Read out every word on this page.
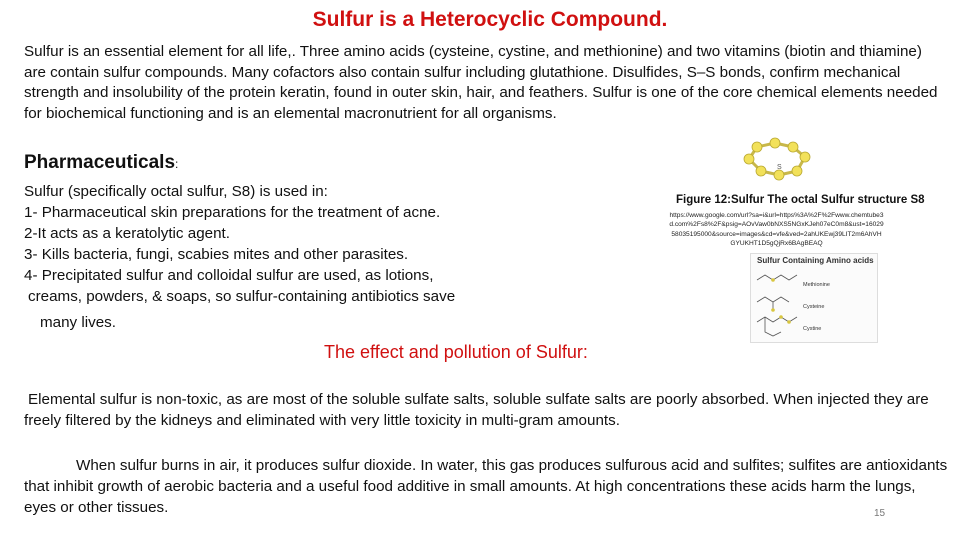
Sulfur is a Heterocyclic Compound.
Sulfur is an essential element for all life,. Three amino acids (cysteine, cystine, and methionine) and two vitamins (biotin and thiamine) are contain sulfur compounds. Many cofactors also contain sulfur including glutathione. Disulfides, S–S bonds, confirm mechanical strength and insolubility of the protein keratin, found in outer skin, hair, and feathers. Sulfur is one of the core chemical elements needed for biochemical functioning and is an elemental macronutrient for all organisms.
Pharmaceuticals:
Sulfur (specifically octal sulfur, S8) is used in:
1- Pharmaceutical skin preparations for the treatment of acne.
2-It acts as a keratolytic agent.
3- Kills bacteria, fungi, scabies mites and other parasites.
4- Precipitated sulfur and colloidal sulfur are used, as lotions,
creams, powders, & soaps, so sulfur-containing antibiotics save
many lives.
S
Figure 12:Sulfur The octal Sulfur structure S8
https://www.google.com/url?sa=i&url=https%3A%2F%2Fwww.chemtube3d.com%2Fs8%2F&psig=AOvVaw0bNXS5NGxKJeh07eC0m8&ust=1602958035195000&source=images&cd=vfe&ved=2ahUKEwj39LIT2m6AhVHGYUKHT1D5gQjRx6BAgBEAQ
Sulfur Containing Amino acids
Methionine
Cysteine
Cystine
The effect and pollution of Sulfur:
Elemental sulfur is non-toxic, as are most of the soluble sulfate salts, soluble sulfate salts are poorly absorbed. When injected they are freely filtered by the kidneys and eliminated with very little toxicity in multi-gram amounts.
When sulfur burns in air, it produces sulfur dioxide. In water, this gas produces sulfurous acid and sulfites; sulfites are antioxidants that inhibit growth of aerobic bacteria and a useful food additive in small amounts. At high concentrations these acids harm the lungs, eyes or other tissues.	15
